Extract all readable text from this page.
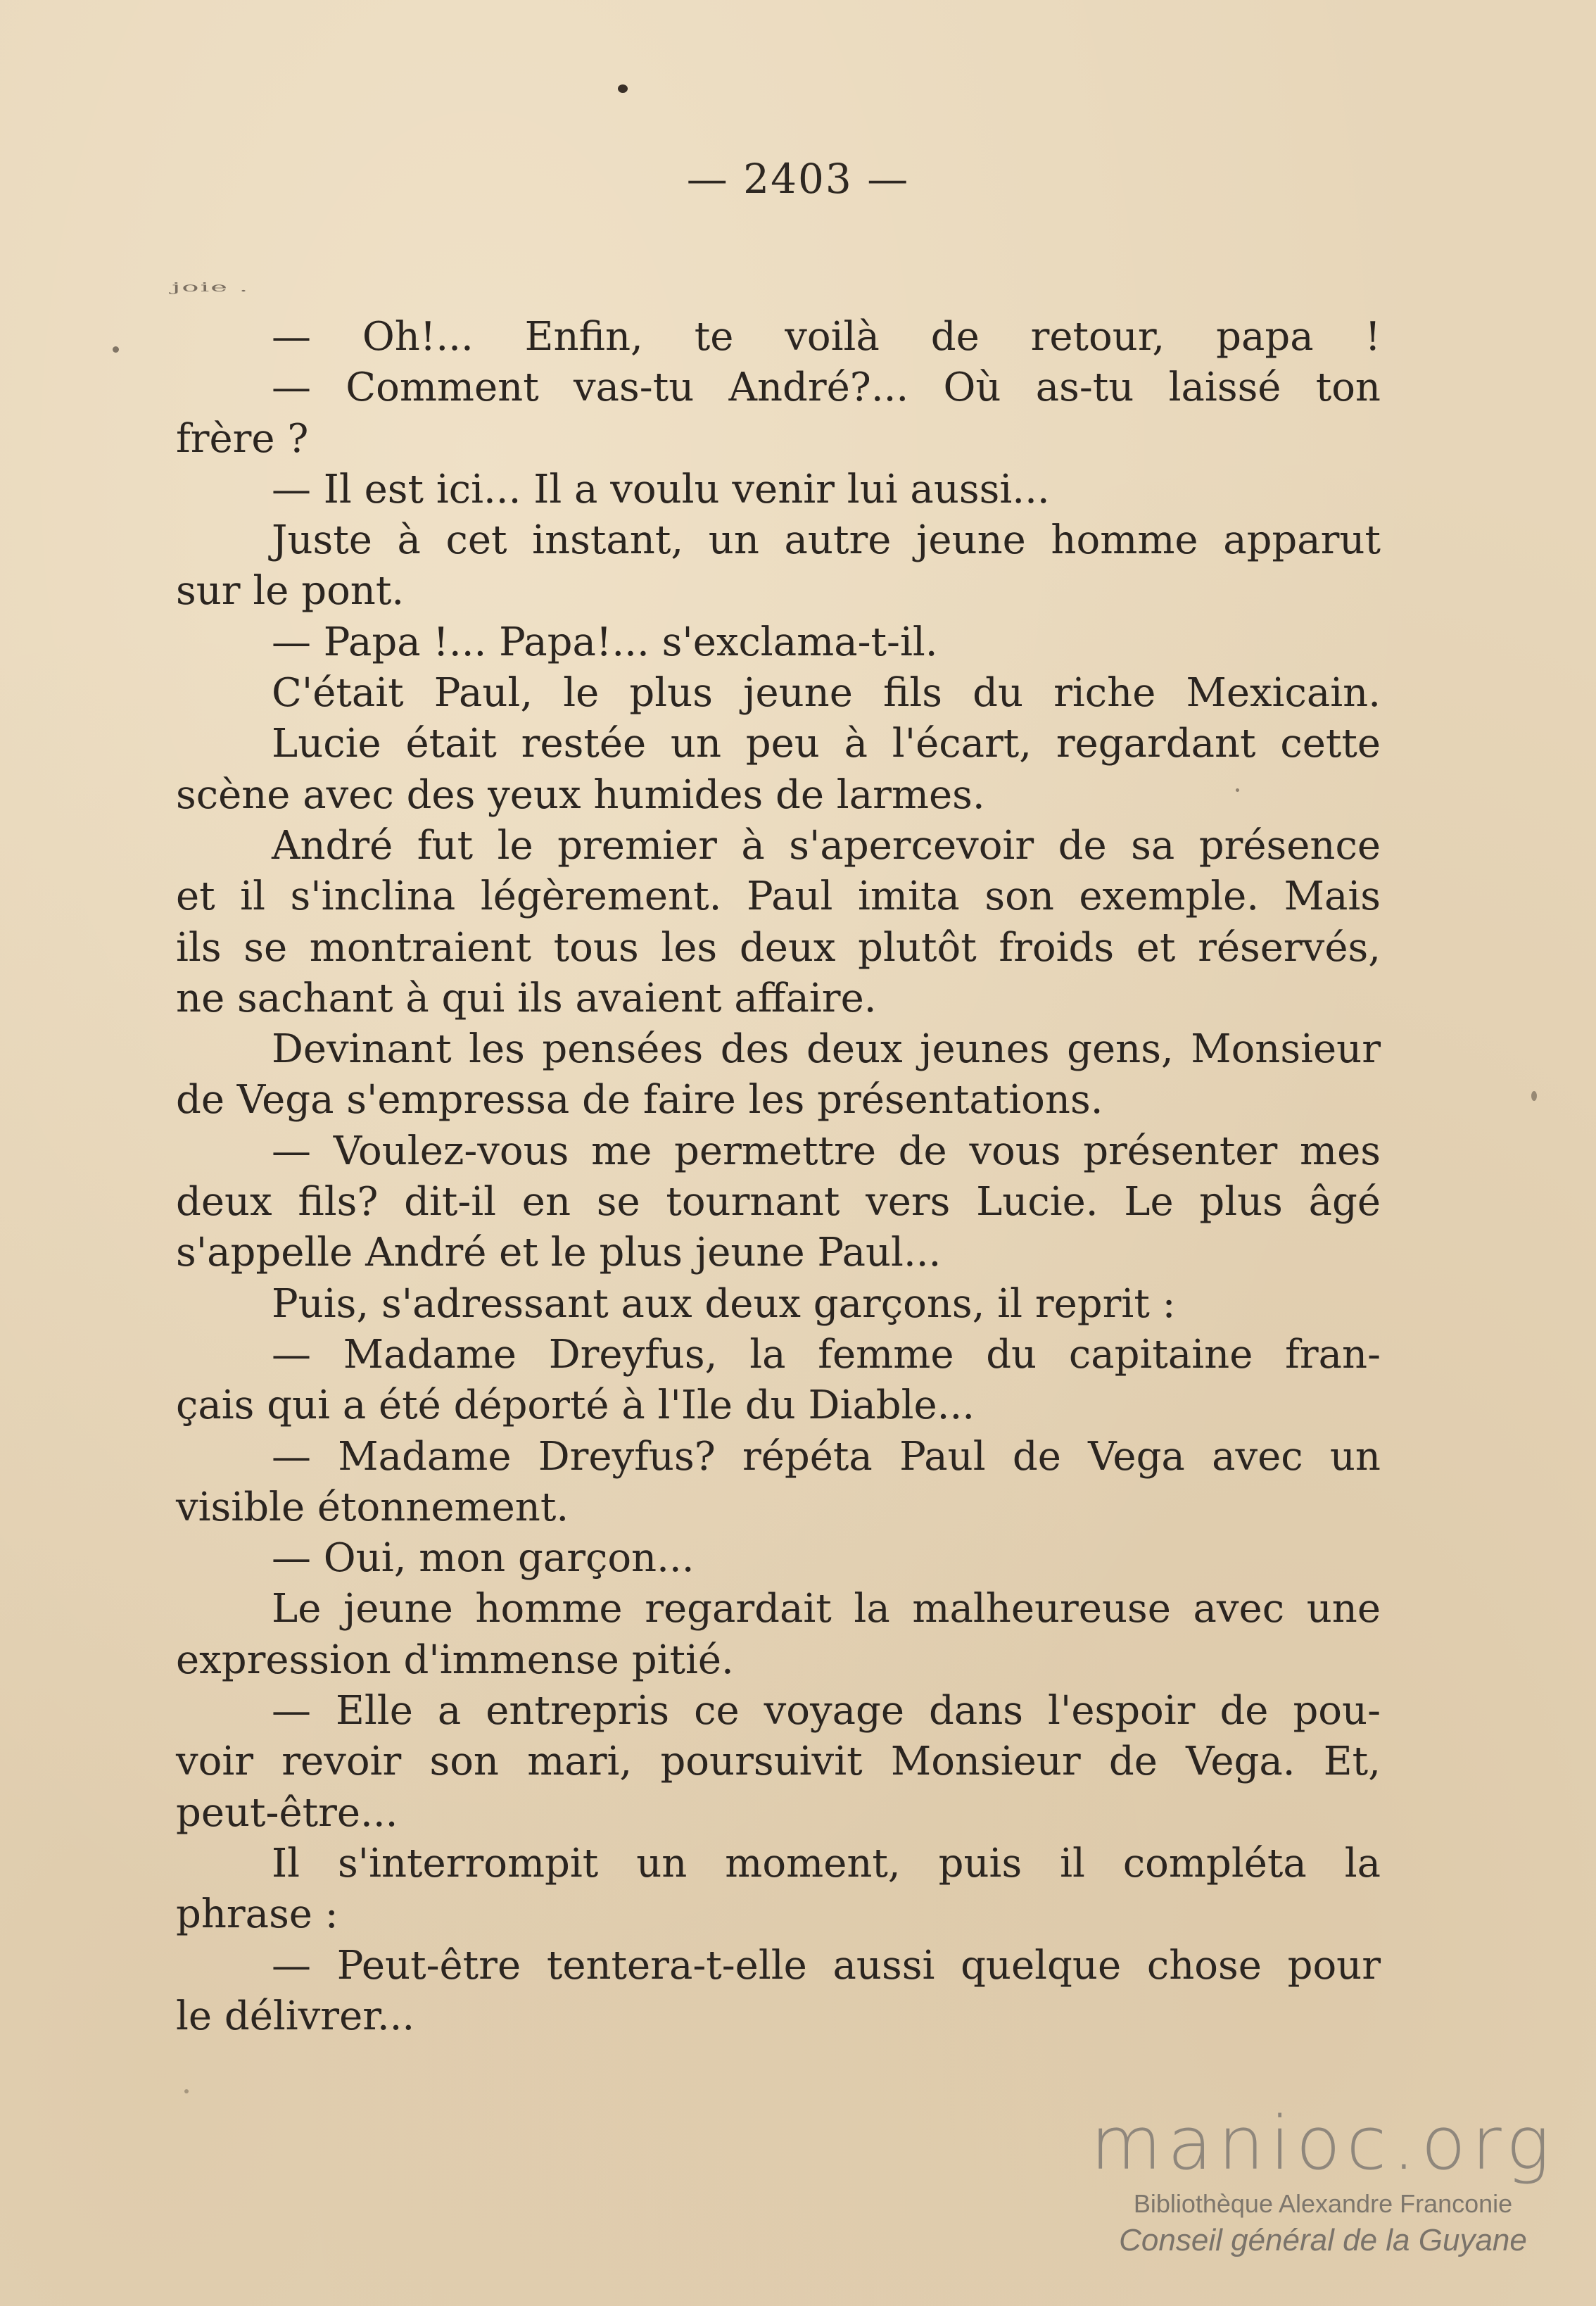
— 2403 —
joie .
— Oh!... Enfin, te voilà de retour, papa !
— Comment vas-tu André?... Où as-tu laissé ton
frère ?
— Il est ici... Il a voulu venir lui aussi...
Juste à cet instant, un autre jeune homme apparut
sur le pont.
— Papa !... Papa!... s'exclama-t-il.
C'était Paul, le plus jeune fils du riche Mexicain.
Lucie était restée un peu à l'écart, regardant cette
scène avec des yeux humides de larmes.
André fut le premier à s'apercevoir de sa présence
et il s'inclina légèrement. Paul imita son exemple. Mais
ils se montraient tous les deux plutôt froids et réservés,
ne sachant à qui ils avaient affaire.
Devinant les pensées des deux jeunes gens, Monsieur
de Vega s'empressa de faire les présentations.
— Voulez-vous me permettre de vous présenter mes
deux fils? dit-il en se tournant vers Lucie. Le plus âgé
s'appelle André et le plus jeune Paul...
Puis, s'adressant aux deux garçons, il reprit :
— Madame Dreyfus, la femme du capitaine fran-
çais qui a été déporté à l'Ile du Diable...
— Madame Dreyfus? répéta Paul de Vega avec un
visible étonnement.
— Oui, mon garçon...
Le jeune homme regardait la malheureuse avec une
expression d'immense pitié.
— Elle a entrepris ce voyage dans l'espoir de pou-
voir revoir son mari, poursuivit Monsieur de Vega. Et,
peut-être...
Il s'interrompit un moment, puis il compléta la
phrase :
— Peut-être tentera-t-elle aussi quelque chose pour
le délivrer...
manioc.org
Bibliothèque Alexandre Franconie
Conseil général de la Guyane
